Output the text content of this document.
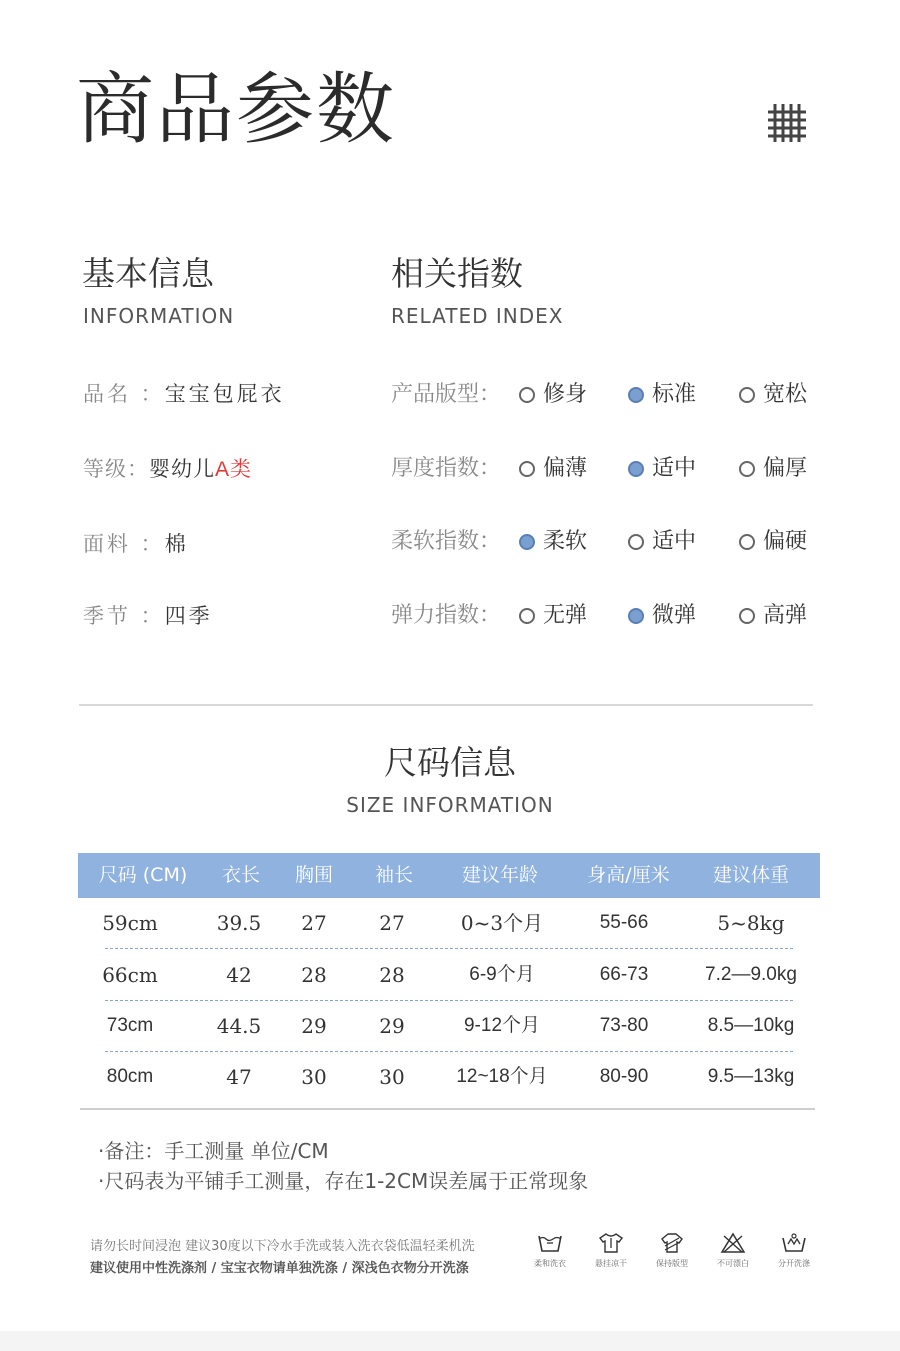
商品参数
基本信息
INFORMATION
品名 ：宝宝包屁衣
等级：婴幼儿A类
面料 ：棉
季节 ：四季
相关指数
RELATED INDEX
产品版型： 修身	标准	宽松
厚度指数： 偏薄	适中	偏厚
柔软指数： 柔软	适中	偏硬
弹力指数： 无弹	微弹	高弹
尺码信息
SIZE INFORMATION
尺码 (CM)	衣长	胸围	袖长	建议年龄	身高/厘米	建议体重
59cm	39.5	27	27	0~3个月	55-66	5~8kg
66cm	42	28	28	6-9个月	66-73	7.2—9.0kg
73cm	44.5	29	29	9-12个月	73-80	8.5—10kg
80cm	47	30	30	12~18个月	80-90	9.5—13kg
·备注：手工测量 单位/CM
·尺码表为平铺手工测量，存在1-2CM误差属于正常现象
请勿长时间浸泡 建议30度以下冷水手洗或装入洗衣袋低温轻柔机洗
建议使用中性洗涤剂 / 宝宝衣物请单独洗涤 / 深浅色衣物分开洗涤	柔和洗衣	悬挂凉干	保持版型	不可漂白	分开洗涤
